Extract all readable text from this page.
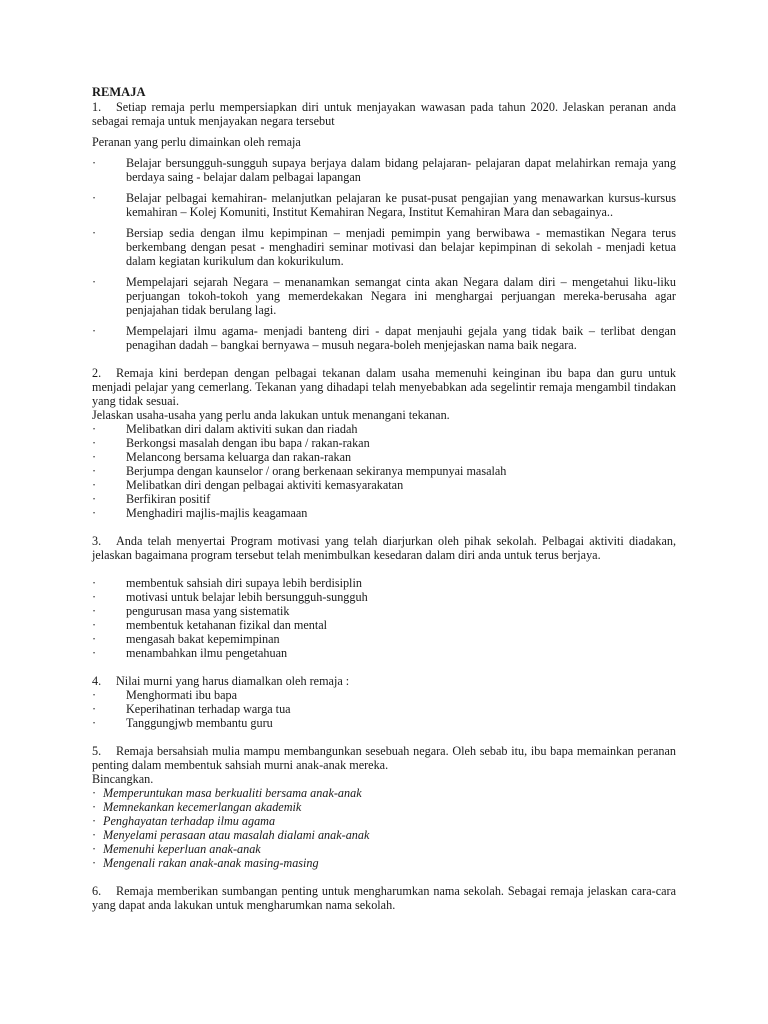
REMAJA

1. Setiap remaja perlu mempersiapkan diri untuk menjayakan wawasan pada tahun 2020. Jelaskan peranan anda sebagai remaja untuk menjayakan negara tersebut

Peranan yang perlu dimainkan oleh remaja

·	Belajar bersungguh-sungguh supaya berjaya dalam bidang pelajaran- pelajaran dapat melahirkan remaja yang berdaya saing - belajar dalam pelbagai lapangan
·	Belajar pelbagai kemahiran- melanjutkan pelajaran ke pusat-pusat pengajian yang menawarkan kursus-kursus kemahiran – Kolej Komuniti, Institut Kemahiran Negara, Institut Kemahiran Mara dan sebagainya..
·	Bersiap sedia dengan ilmu kepimpinan – menjadi pemimpin yang berwibawa - memastikan Negara terus berkembang dengan pesat - menghadiri seminar motivasi dan belajar kepimpinan di sekolah - menjadi ketua dalam kegiatan kurikulum dan kokurikulum.
·	Mempelajari sejarah Negara – menanamkan semangat cinta akan Negara dalam diri – mengetahui liku-liku perjuangan tokoh-tokoh yang memerdekakan Negara ini menghargai perjuangan mereka-berusaha agar penjajahan tidak berulang lagi.
·	Mempelajari ilmu agama- menjadi banteng diri - dapat menjauhi gejala yang tidak baik – terlibat dengan penagihan dadah – bangkai bernyawa – musuh negara-boleh menjejaskan nama baik negara.

2. Remaja kini berdepan dengan pelbagai tekanan dalam usaha memenuhi keinginan ibu bapa dan guru untuk menjadi pelajar yang cemerlang. Tekanan yang dihadapi telah menyebabkan ada segelintir remaja mengambil tindakan yang tidak sesuai.

Jelaskan usaha-usaha yang perlu anda lakukan untuk menangani tekanan.

·	Melibatkan diri dalam aktiviti sukan dan riadah
·	Berkongsi masalah dengan ibu bapa / rakan-rakan
·	Melancong bersama keluarga dan rakan-rakan
·	Berjumpa dengan kaunselor / orang berkenaan sekiranya mempunyai masalah
·	Melibatkan diri dengan pelbagai aktiviti kemasyarakatan
·	Berfikiran positif
·	Menghadiri majlis-majlis keagamaan

3. Anda telah menyertai Program motivasi yang telah diarjurkan oleh pihak sekolah. Pelbagai aktiviti diadakan, jelaskan bagaimana program tersebut telah menimbulkan kesedaran dalam diri anda untuk terus berjaya.

·	membentuk sahsiah diri supaya lebih berdisiplin
·	motivasi untuk belajar lebih bersungguh-sungguh
·	pengurusan masa yang sistematik
·	membentuk ketahanan fizikal dan mental
·	mengasah bakat kepemimpinan
·	menambahkan ilmu pengetahuan

4. Nilai murni yang harus diamalkan oleh remaja :

·	Menghormati ibu bapa
·	Keperihatinan terhadap warga tua
·	Tanggungjwb membantu guru

5. Remaja bersahsiah mulia mampu membangunkan sesebuah negara. Oleh sebab itu, ibu bapa memainkan peranan penting dalam membentuk sahsiah murni anak-anak mereka.

Bincangkan.

· Memperuntukan masa berkualiti bersama anak-anak
· Memnekankan kecemerlangan akademik
· Penghayatan terhadap ilmu agama
· Menyelami perasaan atau masalah dialami anak-anak
· Memenuhi keperluan anak-anak
· Mengenali rakan anak-anak masing-masing

6. Remaja memberikan sumbangan penting untuk mengharumkan nama sekolah. Sebagai remaja jelaskan cara-cara yang dapat anda lakukan untuk mengharumkan nama sekolah.
